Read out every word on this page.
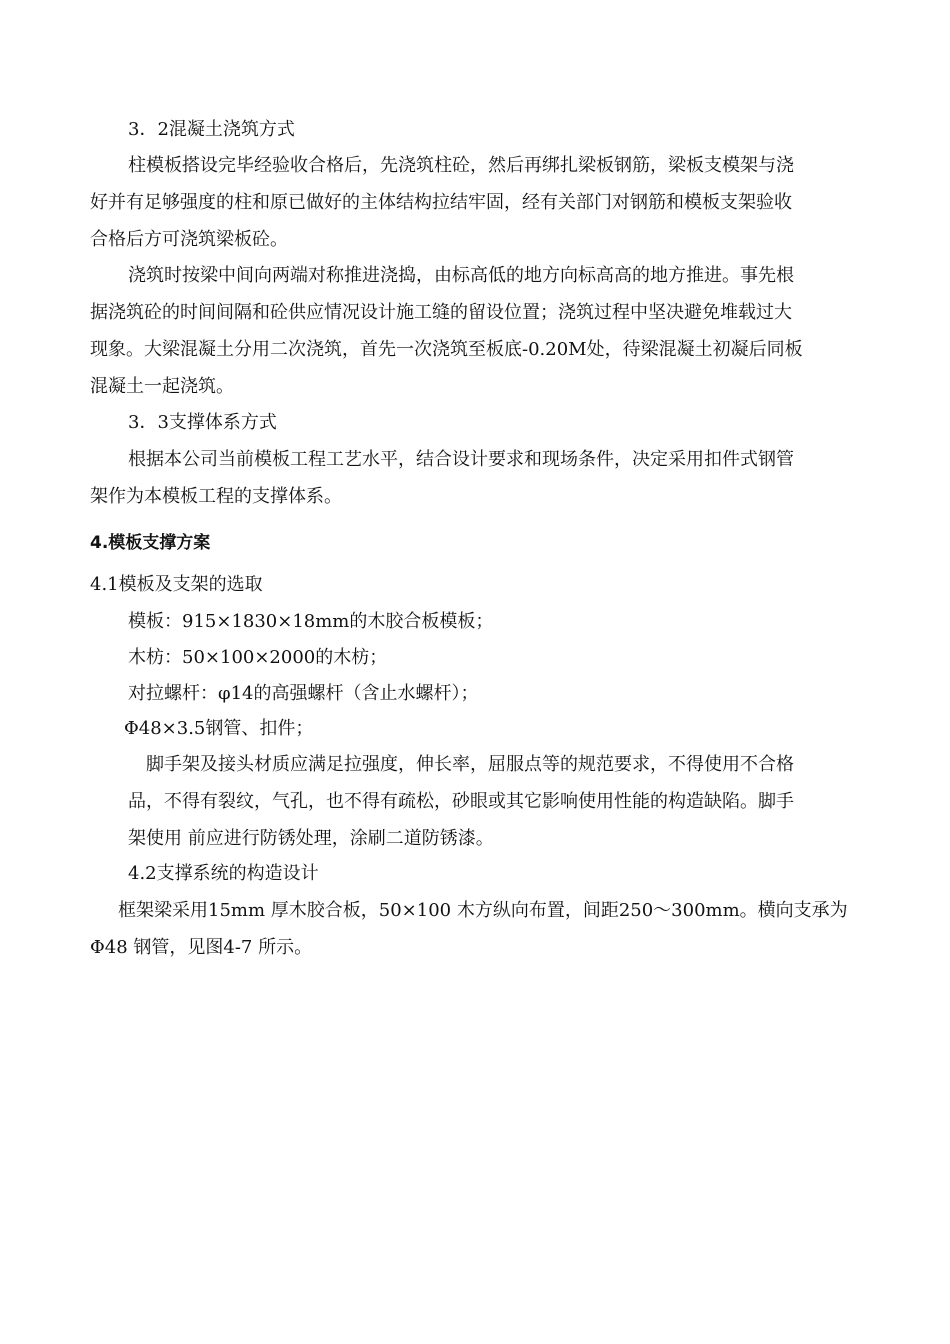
3．2混凝土浇筑方式
柱模板搭设完毕经验收合格后，先浇筑柱砼，然后再绑扎梁板钢筋，梁板支模架与浇
好并有足够强度的柱和原已做好的主体结构拉结牢固，经有关部门对钢筋和模板支架验收
合格后方可浇筑梁板砼。
浇筑时按梁中间向两端对称推进浇捣，由标高低的地方向标高高的地方推进。事先根
据浇筑砼的时间间隔和砼供应情况设计施工缝的留设位置；浇筑过程中坚决避免堆载过大
现象。大梁混凝土分用二次浇筑，首先一次浇筑至板底-0.20M处，待梁混凝土初凝后同板
混凝土一起浇筑。
3．3支撑体系方式
根据本公司当前模板工程工艺水平，结合设计要求和现场条件，决定采用扣件式钢管
架作为本模板工程的支撑体系。
4.模板支撑方案
4.1模板及支架的选取
模板：915×1830×18mm的木胶合板模板；
木枋：50×100×2000的木枋；
对拉螺杆：φ14的高强螺杆（含止水螺杆）；
Φ48×3.5钢管、扣件；
脚手架及接头材质应满足拉强度，伸长率，屈服点等的规范要求，不得使用不合格
品，不得有裂纹，气孔，也不得有疏松，砂眼或其它影响使用性能的构造缺陷。脚手
架使用 前应进行防锈处理，涂刷二道防锈漆。
4.2支撑系统的构造设计
框架梁采用15mm 厚木胶合板，50×100 木方纵向布置，间距250～300mm。横向支承为
Φ48 钢管，见图4-7 所示。
